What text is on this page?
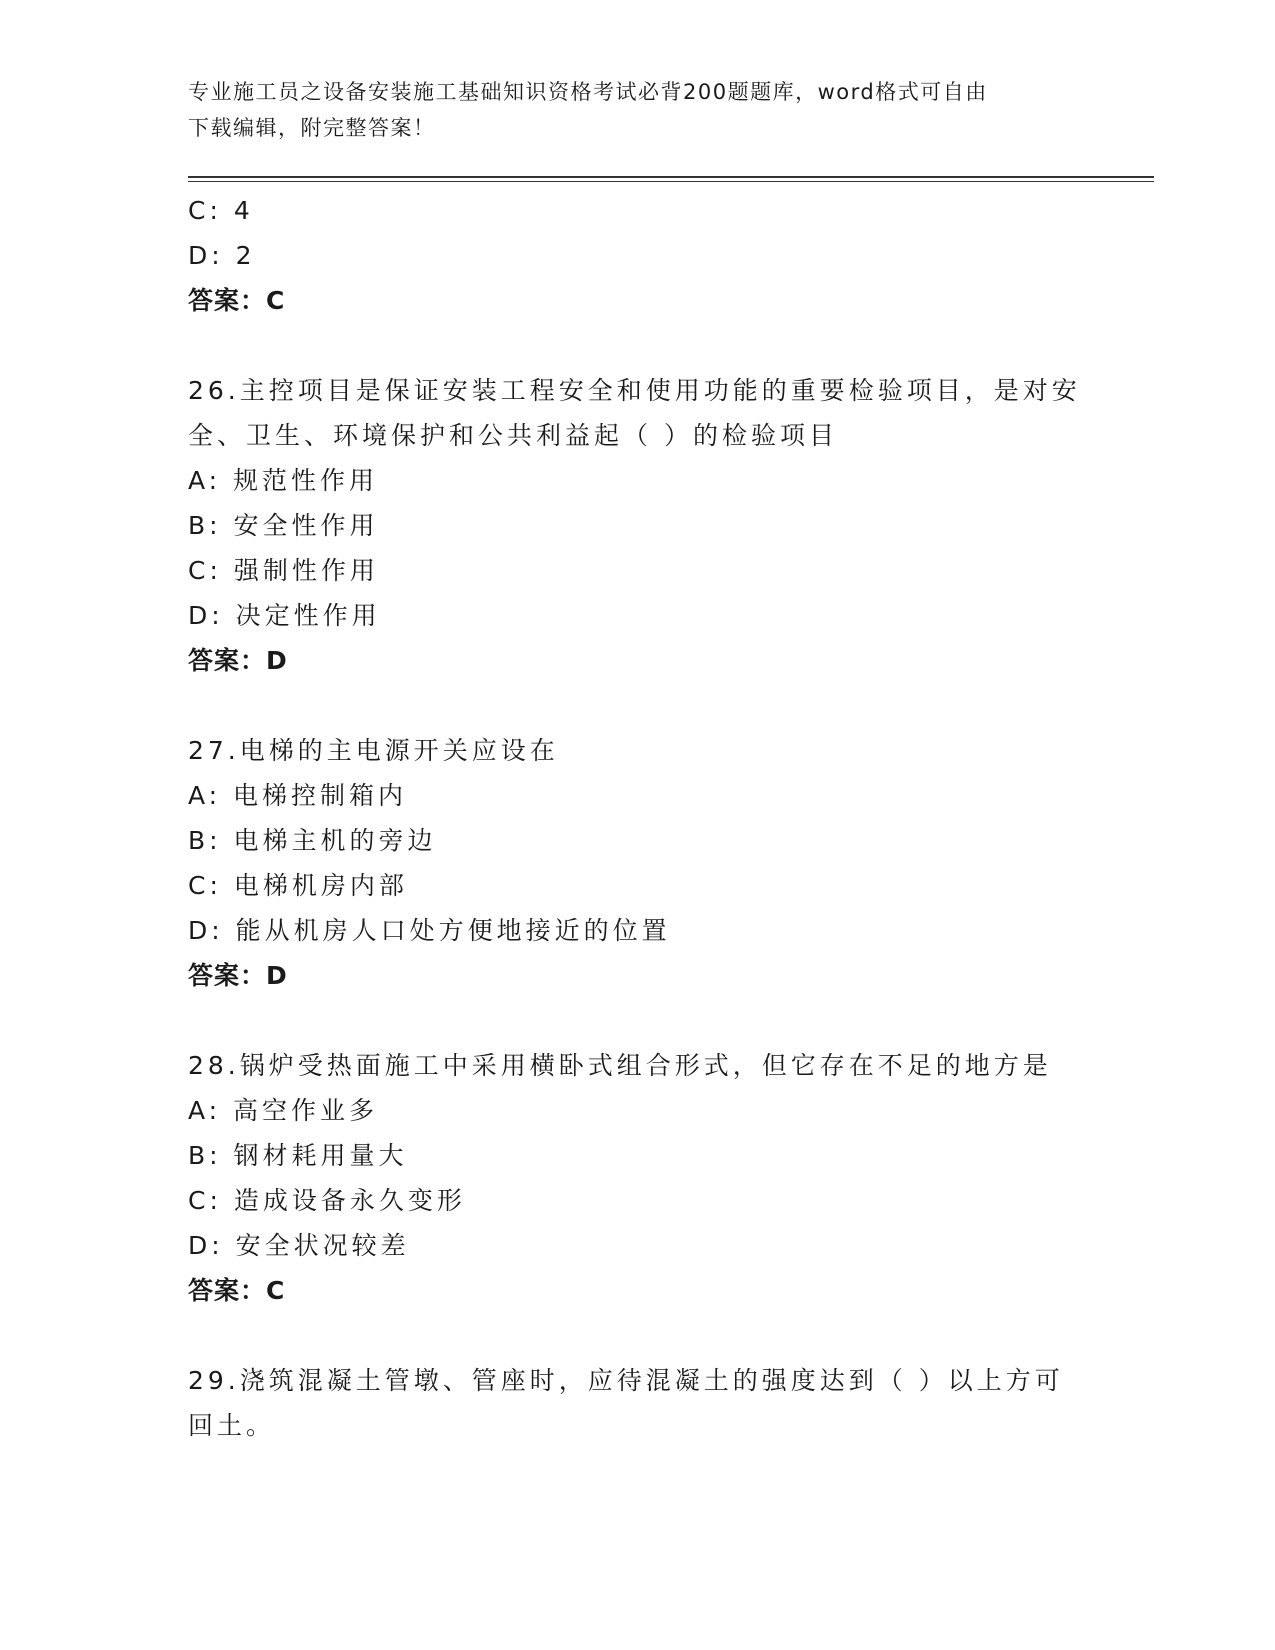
专业施工员之设备安装施工基础知识资格考试必背200题题库，word格式可自由
下载编辑，附完整答案！
C: 4
D: 2
答案：C
26.主控项目是保证安装工程安全和使用功能的重要检验项目，是对安
全、卫生、环境保护和公共利益起（ ）的检验项目
A: 规范性作用
B: 安全性作用
C: 强制性作用
D: 决定性作用
答案：D
27.电梯的主电源开关应设在
A: 电梯控制箱内
B: 电梯主机的旁边
C: 电梯机房内部
D: 能从机房人口处方便地接近的位置
答案：D
28.锅炉受热面施工中采用横卧式组合形式，但它存在不足的地方是
A: 高空作业多
B: 钢材耗用量大
C: 造成设备永久变形
D: 安全状况较差
答案：C
29.浇筑混凝土管墩、管座时，应待混凝土的强度达到（ ）以上方可
回土。
